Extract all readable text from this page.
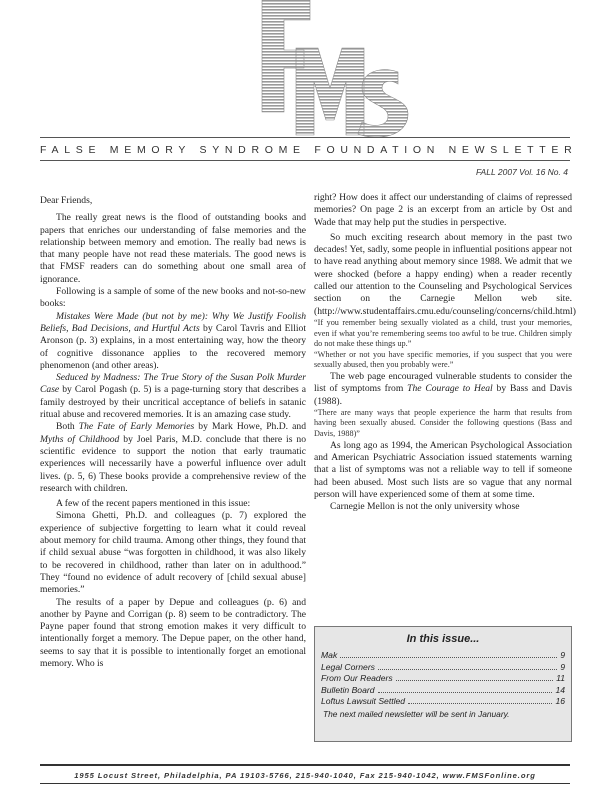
FMS
FALSE MEMORY SYNDROME FOUNDATION NEWSLETTER
FALL 2007 Vol. 16 No. 4

Dear Friends,

The really great news is the flood of outstanding books and papers that enriches our understanding of false memories and the relationship between memory and emotion. The really bad news is that many people have not read these materials. The good news is that FMSF readers can do something about one small area of ignorance.

Following is a sample of some of the new books and not-so-new books:

Mistakes Were Made (but not by me): Why We Justify Foolish Beliefs, Bad Decisions, and Hurtful Acts by Carol Tavris and Elliot Aronson (p. 3) explains, in a most entertaining way, how the theory of cognitive dissonance applies to the recovered memory phenomenon (and other areas).

Seduced by Madness: The True Story of the Susan Polk Murder Case by Carol Pogash (p. 5) is a page-turning story that describes a family destroyed by their uncritical acceptance of beliefs in satanic ritual abuse and recovered memories. It is an amazing case study.

Both The Fate of Early Memories by Mark Howe, Ph.D. and Myths of Childhood by Joel Paris, M.D. conclude that there is no scientific evidence to support the notion that early traumatic experiences will necessarily have a powerful influence over adult lives. (p. 5, 6) These books provide a comprehensive review of the research with children.

A few of the recent papers mentioned in this issue:

Simona Ghetti, Ph.D. and colleagues (p. 7) explored the experience of subjective forgetting to learn what it could reveal about memory for child trauma. Among other things, they found that if child sexual abuse “was forgotten in childhood, it was also likely to be recovered in childhood, rather than later on in adulthood.” They “found no evidence of adult recovery of [child sexual abuse] memories.”

The results of a paper by Depue and colleagues (p. 6) and another by Payne and Corrigan (p. 8) seem to be contradictory. The Payne paper found that strong emotion makes it very difficult to intentionally forget a memory. The Depue paper, on the other hand, seems to say that it is possible to intentionally forget an emotional memory. Who is

right? How does it affect our understanding of claims of repressed memories? On page 2 is an excerpt from an article by Ost and Wade that may help put the studies in perspective.

So much exciting research about memory in the past two decades! Yet, sadly, some people in influential positions appear not to have read anything about memory since 1988. We admit that we were shocked (before a happy ending) when a reader recently called our attention to the Counseling and Psychological Services section on the Carnegie Mellon web site. (http://www.studentaffairs.cmu.edu/counseling/concerns/child.html)

“If you remember being sexually violated as a child, trust your memories, even if what you’re remembering seems too awful to be true. Children simply do not make these things up.”

“Whether or not you have specific memories, if you suspect that you were sexually abused, then you probably were.”

The web page encouraged vulnerable students to consider the list of symptoms from The Courage to Heal by Bass and Davis (1988).

“There are many ways that people experience the harm that results from having been sexually abused. Consider the following questions (Bass and Davis, 1988)”

As long ago as 1994, the American Psychological Association and American Psychiatric Association issued statements warning that a list of symptoms was not a reliable way to tell if someone had been abused. Most such lists are so vague that any normal person will have experienced some of them at some time.

Carnegie Mellon is not the only university whose

In this issue...
Mak	9
Legal Corners	9
From Our Readers	11
Bulletin Board	14
Loftus Lawsuit Settled	16
The next mailed newsletter will be sent in January.
1955 Locust Street, Philadelphia, PA 19103-5766, 215-940-1040, Fax 215-940-1042, www.FMSFonline.org
